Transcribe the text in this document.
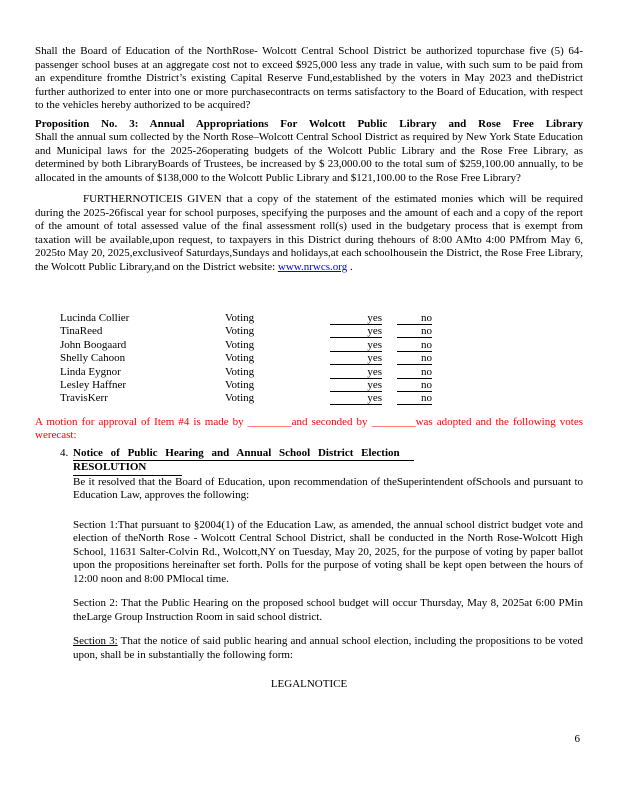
Shall the Board of Education of the NorthRose- Wolcott Central School District be authorized topurchase five (5) 64-passenger school buses at an aggregate cost not to exceed $925,000 less any trade in value, with such sum to be paid from an expenditure fromthe District’s existing Capital Reserve Fund,established by the voters in May 2023 and theDistrict further authorized to enter into one or more purchasecontracts on terms satisfactory to the Board of Education, with respect to the vehicles hereby authorized to be acquired?

Proposition No. 3: Annual Appropriations For Wolcott Public Library and Rose Free Library

Shall the annual sum collected by the North Rose–Wolcott Central School District as required by New York State Education and Municipal laws for the 2025-26operating budgets of the Wolcott Public Library and the Rose Free Library, as determined by both LibraryBoards of Trustees, be increased by $ 23,000.00 to the total sum of $259,100.00 annually, to be allocated in the amounts of $138,000 to the Wolcott Public Library and $121,100.00 to the Rose Free Library?

FURTHERNOTICEIS GIVEN that a copy of the statement of the estimated monies which will be required during the 2025-26fiscal year for school purposes, specifying the purposes and the amount of each and a copy of the report of the amount of total assessed value of the final assessment roll(s) used in the budgetary process that is exempt from taxation will be available,upon request, to taxpayers in this District during thehours of 8:00 AMto 4:00 PMfrom May 6, 2025to May 20, 2025,exclusiveof Saturdays,Sundays and holidays,at each schoolhousein the District, the Rose Free Library, the Wolcott Public Library,and on the District website: www.nrwcs.org .

Lucinda Collier	Voting	yes	no
TinaReed	Voting	yes	no
John Boogaard	Voting	yes	no
Shelly Cahoon	Voting	yes	no
Linda Eygnor	Voting	yes	no
Lesley Haffner	Voting	yes	no
TravisKerr	Voting	yes	no

A motion for approval of Item #4 is made by ________and seconded by ________was adopted and the following votes werecast:

4. Notice of Public Hearing and Annual School District Election
RESOLUTION

Be it resolved that the Board of Education, upon recommendation of theSuperintendent ofSchools and pursuant to Education Law, approves the following:

Section 1:That pursuant to §2004(1) of the Education Law, as amended, the annual school district budget vote and election of theNorth Rose - Wolcott Central School District, shall be conducted in the North Rose-Wolcott High School, 11631 Salter-Colvin Rd., Wolcott,NY on Tuesday, May 20, 2025, for the purpose of voting by paper ballot upon the propositions hereinafter set forth. Polls for the purpose of voting shall be kept open between the hours of 12:00 noon and 8:00 PMlocal time.

Section 2: That the Public Hearing on the proposed school budget will occur Thursday, May 8, 2025at 6:00 PMin theLarge Group Instruction Room in said school district.

Section 3: That the notice of said public hearing and annual school election, including the propositions to be voted upon, shall be in substantially the following form:

LEGALNOTICE

6
